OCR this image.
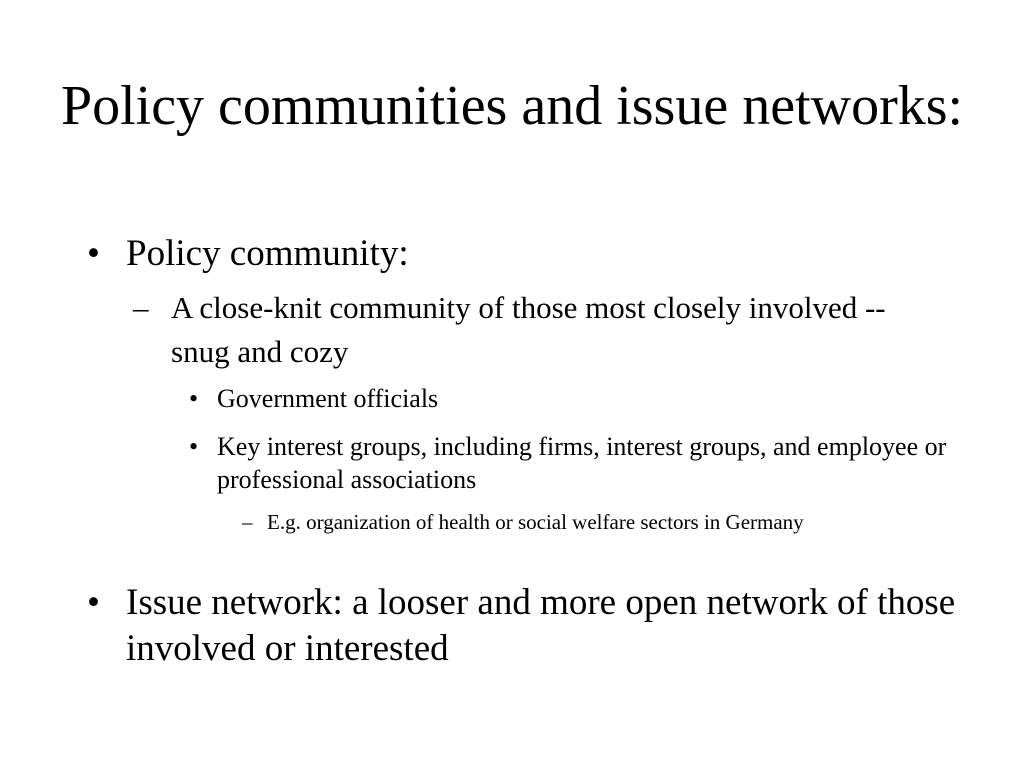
Policy communities and issue networks:
• Policy community:
– A close-knit community of those most closely involved -- snug and cozy
• Government officials
• Key interest groups, including firms, interest groups, and employee or professional associations
– E.g. organization of health or social welfare sectors in Germany
• Issue network: a looser and more open network of those involved or interested
